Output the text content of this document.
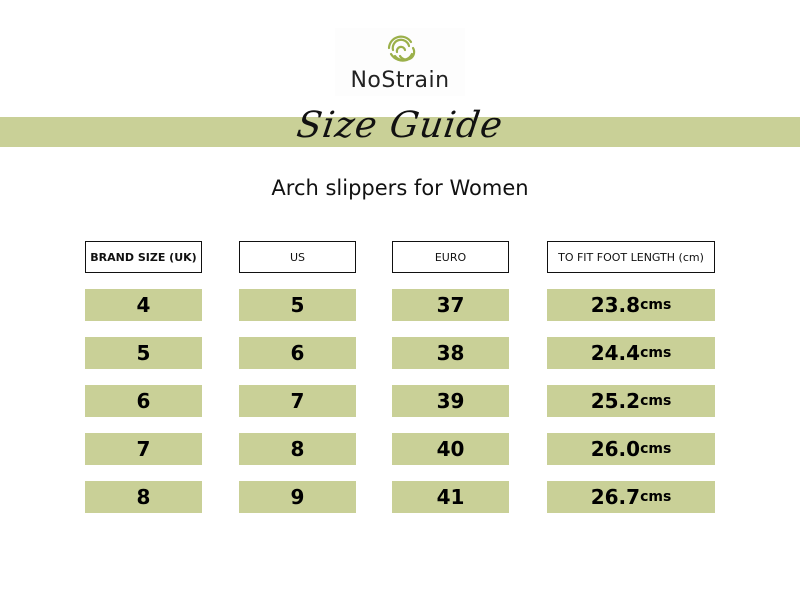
NoStrain
Size Guide
Arch slippers for Women
BRAND SIZE (UK)
4
5
6
7
8
US
5
6
7
8
9
EURO
37
38
39
40
41
TO FIT FOOT LENGTH (cm)
23.8 cms
24.4 cms
25.2 cms
26.0 cms
26.7 cms
